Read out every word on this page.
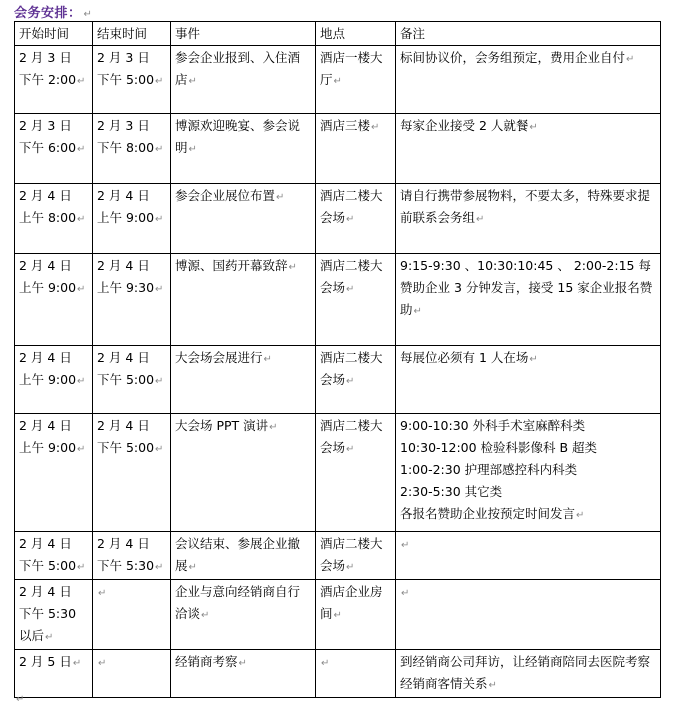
会务安排： ↵
开始时间	结束时间	事件	地点	备注
2 月 3 日
下午 2:00↵	2 月 3 日
下午 5:00↵	参会企业报到、入住酒店↵	酒店一楼大厅↵	标间协议价，会务组预定，费用企业自付↵
2 月 3 日
下午 6:00↵	2 月 3 日
下午 8:00↵	博源欢迎晚宴、参会说明↵	酒店三楼↵	每家企业接受 2 人就餐↵
2 月 4 日
上午 8:00↵	2 月 4 日
上午 9:00↵	参会企业展位布置↵	酒店二楼大会场↵	请自行携带参展物料，不要太多，特殊要求提前联系会务组↵
2 月 4 日
上午 9:00↵	2 月 4 日
上午 9:30↵	博源、国药开幕致辞↵	酒店二楼大会场↵	9:15-9:30 、10:30:10:45 、 2:00-2:15 每赞助企业 3 分钟发言，接受 15 家企业报名赞助↵
2 月 4 日
上午 9:00↵	2 月 4 日
下午 5:00↵	大会场会展进行↵	酒店二楼大会场↵	每展位必须有 1 人在场↵
2 月 4 日
上午 9:00↵	2 月 4 日
下午 5:00↵	大会场 PPT 演讲↵	酒店二楼大会场↵	9:00-10:30 外科手术室麻醉科类
10:30-12:00 检验科影像科 B 超类
1:00-2:30 护理部感控科内科类
2:30-5:30 其它类
各报名赞助企业按预定时间发言↵
2 月 4 日
下午 5:00↵	2 月 4 日
下午 5:30↵	会议结束、参展企业撤展↵	酒店二楼大会场↵	↵
2 月 4 日
下午 5:30
以后↵	↵	企业与意向经销商自行洽谈↵	酒店企业房间↵	↵
2 月 5 日↵	↵	经销商考察↵	↵	到经销商公司拜访，让经销商陪同去医院考察经销商客情关系↵
↵
